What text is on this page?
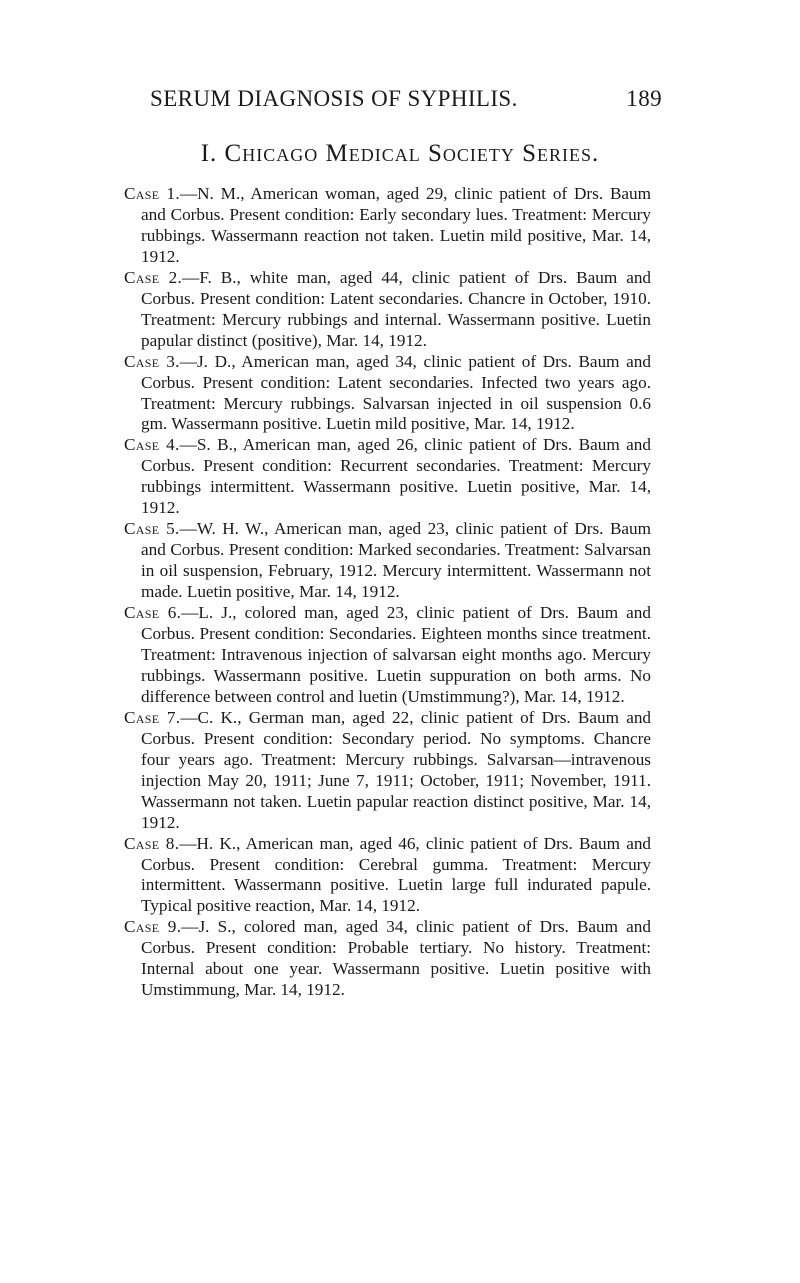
SERUM DIAGNOSIS OF SYPHILIS.	189
I. Chicago Medical Society Series.

Case 1.—N. M., American woman, aged 29, clinic patient of Drs. Baum and Corbus. Present condition: Early secondary lues. Treatment: Mercury rubbings. Wassermann reaction not taken. Luetin mild positive, Mar. 14, 1912.

Case 2.—F. B., white man, aged 44, clinic patient of Drs. Baum and Corbus. Present condition: Latent secondaries. Chancre in October, 1910. Treatment: Mercury rubbings and internal. Wassermann positive. Luetin papular distinct (positive), Mar. 14, 1912.

Case 3.—J. D., American man, aged 34, clinic patient of Drs. Baum and Corbus. Present condition: Latent secondaries. Infected two years ago. Treatment: Mercury rubbings. Salvarsan injected in oil suspension 0.6 gm. Wassermann positive. Luetin mild positive, Mar. 14, 1912.

Case 4.—S. B., American man, aged 26, clinic patient of Drs. Baum and Corbus. Present condition: Recurrent secondaries. Treatment: Mercury rubbings intermittent. Wassermann positive. Luetin positive, Mar. 14, 1912.

Case 5.—W. H. W., American man, aged 23, clinic patient of Drs. Baum and Corbus. Present condition: Marked secondaries. Treatment: Salvarsan in oil suspension, February, 1912. Mercury intermittent. Wassermann not made. Luetin positive, Mar. 14, 1912.

Case 6.—L. J., colored man, aged 23, clinic patient of Drs. Baum and Corbus. Present condition: Secondaries. Eighteen months since treatment. Treatment: Intravenous injection of salvarsan eight months ago. Mercury rubbings. Wassermann positive. Luetin suppuration on both arms. No difference between control and luetin (Umstimmung?), Mar. 14, 1912.

Case 7.—C. K., German man, aged 22, clinic patient of Drs. Baum and Corbus. Present condition: Secondary period. No symptoms. Chancre four years ago. Treatment: Mercury rubbings. Salvarsan—intravenous injection May 20, 1911; June 7, 1911; October, 1911; November, 1911. Wassermann not taken. Luetin papular reaction distinct positive, Mar. 14, 1912.

Case 8.—H. K., American man, aged 46, clinic patient of Drs. Baum and Corbus. Present condition: Cerebral gumma. Treatment: Mercury intermittent. Wassermann positive. Luetin large full indurated papule. Typical positive reaction, Mar. 14, 1912.

Case 9.—J. S., colored man, aged 34, clinic patient of Drs. Baum and Corbus. Present condition: Probable tertiary. No history. Treatment: Internal about one year. Wassermann positive. Luetin positive with Umstimmung, Mar. 14, 1912.
